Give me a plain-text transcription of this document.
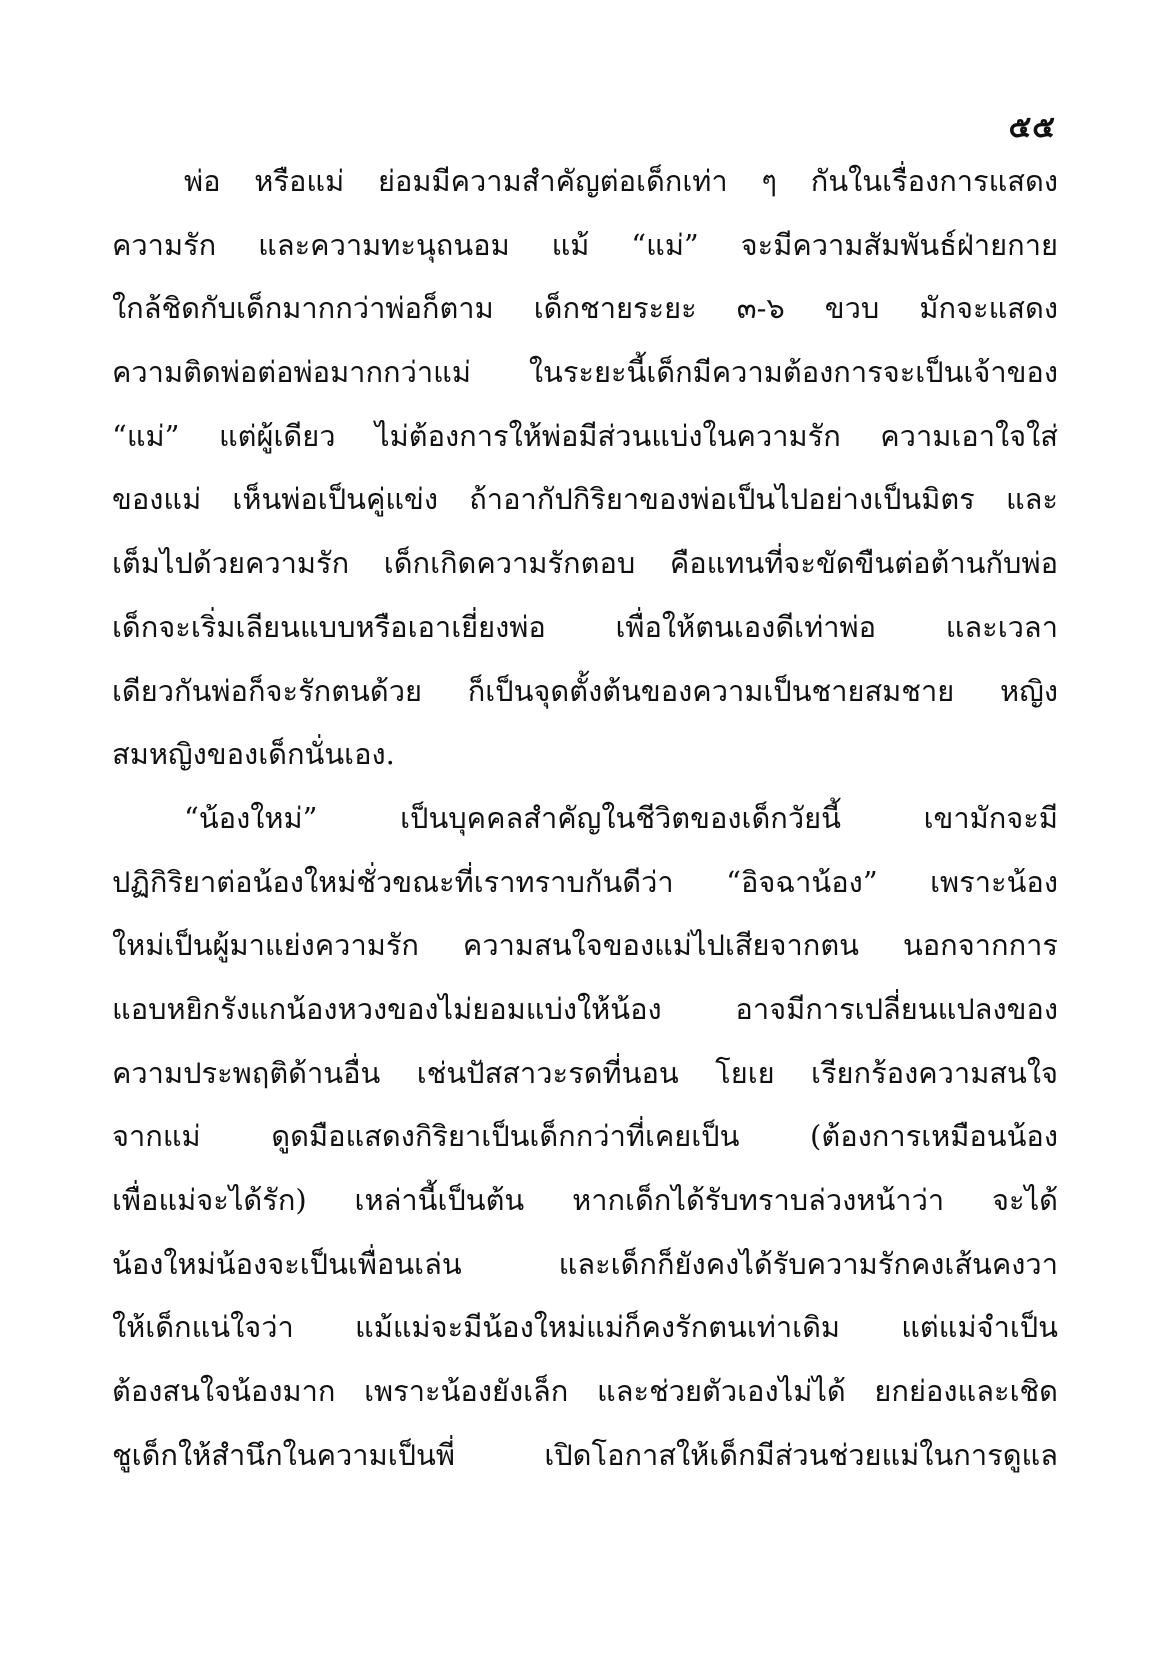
๕๕
พ่อ หรือแม่ ย่อมมีความสำคัญต่อเด็กเท่า ๆ กันในเรื่องการแสดง
ความรัก และความทะนุถนอม แม้ “แม่” จะมีความสัมพันธ์ฝ่ายกาย
ใกล้ชิดกับเด็กมากกว่าพ่อก็ตาม เด็กชายระยะ ๓-๖ ขวบ มักจะแสดง
ความติดพ่อต่อพ่อมากกว่าแม่ ในระยะนี้เด็กมีความต้องการจะเป็นเจ้าของ
“แม่” แต่ผู้เดียว ไม่ต้องการให้พ่อมีส่วนแบ่งในความรัก ความเอาใจใส่
ของแม่ เห็นพ่อเป็นคู่แข่ง ถ้าอากัปกิริยาของพ่อเป็นไปอย่างเป็นมิตร และ
เต็มไปด้วยความรัก เด็กเกิดความรักตอบ คือแทนที่จะขัดขืนต่อต้านกับพ่อ
เด็กจะเริ่มเลียนแบบหรือเอาเยี่ยงพ่อ เพื่อให้ตนเองดีเท่าพ่อ และเวลา
เดียวกันพ่อก็จะรักตนด้วย ก็เป็นจุดตั้งต้นของความเป็นชายสมชาย หญิง
สมหญิงของเด็กนั่นเอง.
“น้องใหม่” เป็นบุคคลสำคัญในชีวิตของเด็กวัยนี้ เขามักจะมี
ปฏิกิริยาต่อน้องใหม่ชั่วขณะที่เราทราบกันดีว่า “อิจฉาน้อง” เพราะน้อง
ใหม่เป็นผู้มาแย่งความรัก ความสนใจของแม่ไปเสียจากตน นอกจากการ
แอบหยิกรังแกน้องหวงของไม่ยอมแบ่งให้น้อง อาจมีการเปลี่ยนแปลงของ
ความประพฤติด้านอื่น เช่นปัสสาวะรดที่นอน โยเย เรียกร้องความสนใจ
จากแม่ ดูดมือแสดงกิริยาเป็นเด็กกว่าที่เคยเป็น (ต้องการเหมือนน้อง
เพื่อแม่จะได้รัก) เหล่านี้เป็นต้น หากเด็กได้รับทราบล่วงหน้าว่า จะได้
น้องใหม่น้องจะเป็นเพื่อนเล่น และเด็กก็ยังคงได้รับความรักคงเส้นคงวา
ให้เด็กแน่ใจว่า แม้แม่จะมีน้องใหม่แม่ก็คงรักตนเท่าเดิม แต่แม่จำเป็น
ต้องสนใจน้องมาก เพราะน้องยังเล็ก และช่วยตัวเองไม่ได้ ยกย่องและเชิด
ชูเด็กให้สำนึกในความเป็นพี่ เปิดโอกาสให้เด็กมีส่วนช่วยแม่ในการดูแล
